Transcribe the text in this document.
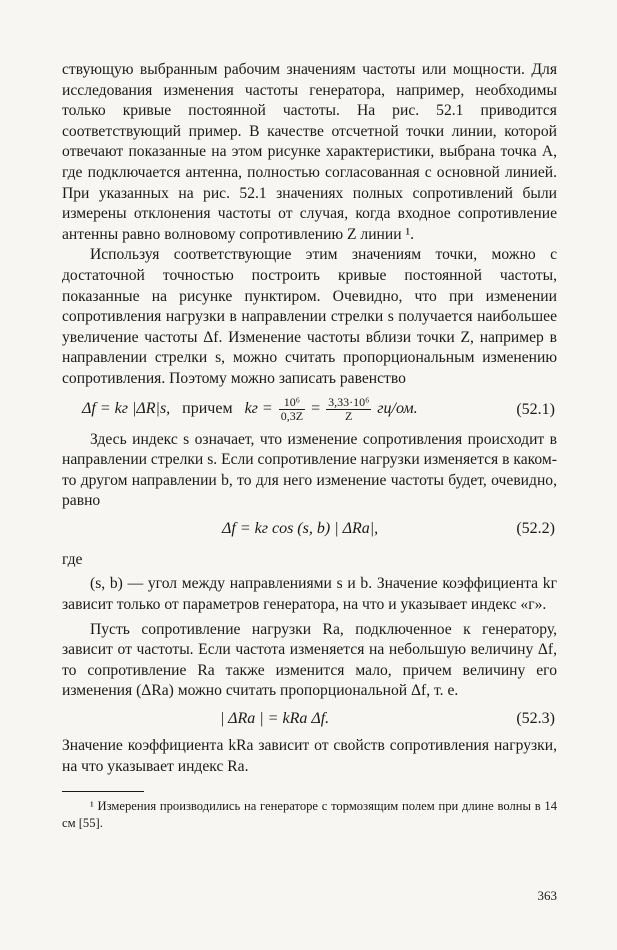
ствующую выбранным рабочим значениям частоты или мощности. Для исследования изменения частоты генератора, например, необходимы только кривые постоянной частоты. На рис. 52.1 приводится соответствующий пример. В качестве отсчетной точки линии, которой отвечают показанные на этом рисунке характеристики, выбрана точка A, где подключается антенна, полностью согласованная с основной линией. При указанных на рис. 52.1 значениях полных сопротивлений были измерены отклонения частоты от случая, когда входное сопротивление антенны равно волновому сопротивлению Z линии ¹.

Используя соответствующие этим значениям точки, можно с достаточной точностью построить кривые постоянной частоты, показанные на рисунке пунктиром. Очевидно, что при изменении сопротивления нагрузки в направлении стрелки s получается наибольшее увеличение частоты Δf. Изменение частоты вблизи точки Z, например в направлении стрелки s, можно считать пропорциональным изменению сопротивления. Поэтому можно записать равенство

Δf = kг |ΔR|s, причем kг = $\frac{\text{10⁶}}{0,3Z} = \frac{\text{3,33·10⁶}}{Z} гц/ом$.	(52.1)

Здесь индекс s означает, что изменение сопротивления происходит в направлении стрелки s. Если сопротивление нагрузки изменяется в каком-то другом направлении b, то для него изменение частоты будет, очевидно, равно

Δf = kг cos (s, b) | ΔRa|,	(52.2)

где

(s, b) — угол между направлениями s и b. Значение коэффициента kг зависит только от параметров генератора, на что и указывает индекс «г».

Пусть сопротивление нагрузки Ra, подключенное к генератору, зависит от частоты. Если частота изменяется на небольшую величину Δf, то сопротивление Ra также изменится мало, причем величину его изменения (ΔRa) можно считать пропорциональной Δf, т. е.

| ΔRa | = kRa Δf.	(52.3)

Значение коэффициента kRa зависит от свойств сопротивления нагрузки, на что указывает индекс Ra.

¹ Измерения производились на генераторе с тормозящим полем при длине волны в 14 см [55].

363
